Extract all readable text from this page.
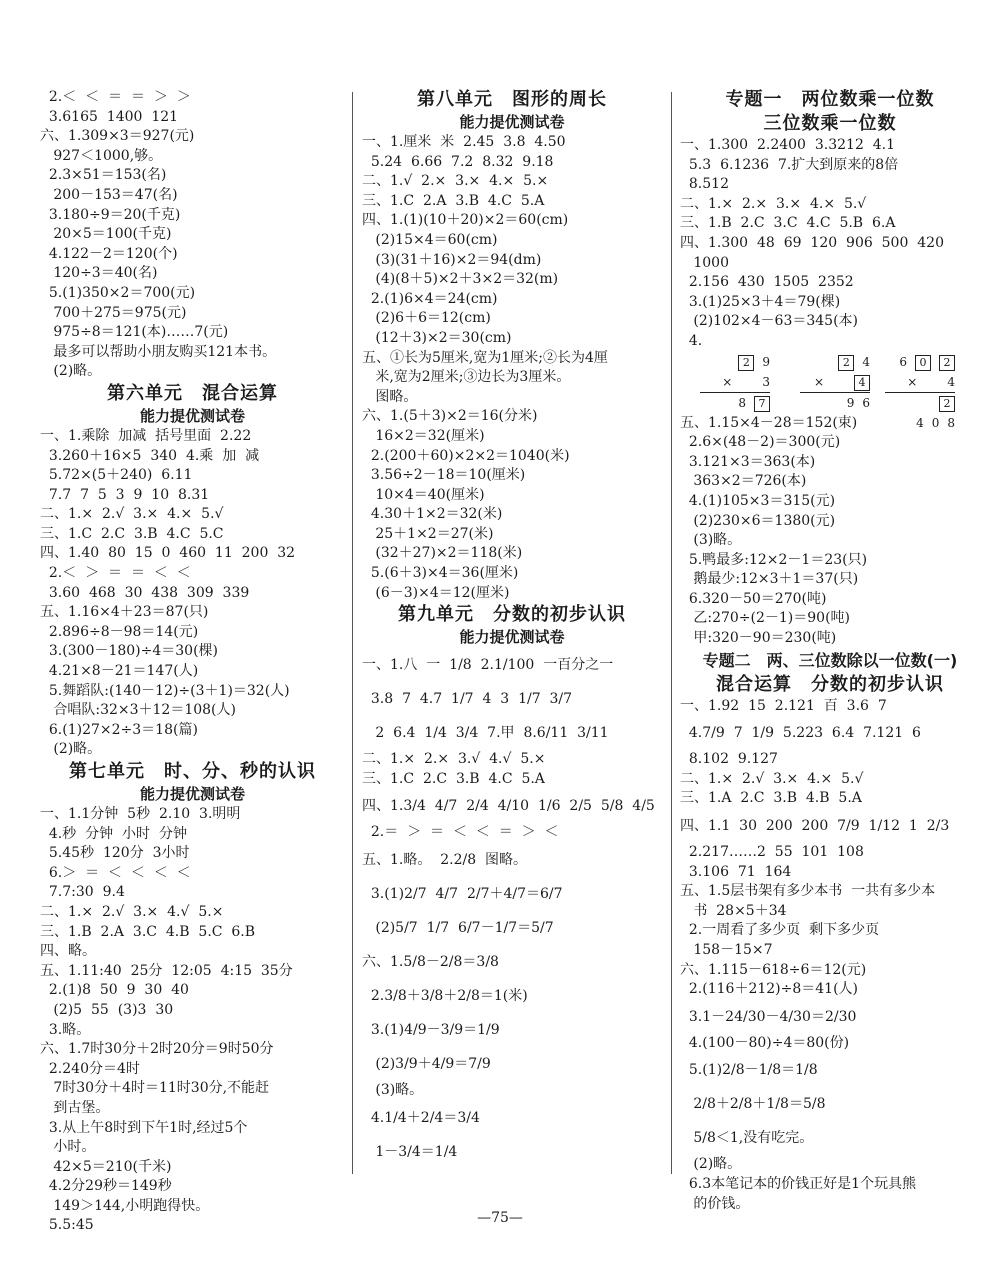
2.＜  ＜  ＝  ＝  ＞  ＞
3.6165  1400  121
六、1.309×3＝927(元)
927＜1000,够。
2.3×51＝153(名)
200－153＝47(名)
3.180÷9＝20(千克)
20×5＝100(千克)
4.122－2＝120(个)
120÷3＝40(名)
5.(1)350×2＝700(元)
700＋275＝975(元)
975÷8＝121(本)……7(元)
最多可以帮助小朋友购买121本书。
(2)略。
第六单元　混合运算
能力提优测试卷
一、1.乘除  加减  括号里面  2.22
3.260＋16×5  340  4.乘  加  减
5.72×(5＋240)  6.11
7.7  7  5  3  9  10  8.31
二、1.×  2.√  3.×  4.×  5.√
三、1.C  2.C  3.B  4.C  5.C
四、1.40  80  15  0  460  11  200  32
2.＜  ＞  ＝  ＝  ＜  ＜
3.60  468  30  438  309  339
五、1.16×4＋23＝87(只)
2.896÷8－98＝14(元)
3.(300－180)÷4＝30(棵)
4.21×8－21＝147(人)
5.舞蹈队:(140－12)÷(3＋1)＝32(人)
合唱队:32×3＋12＝108(人)
6.(1)27×2÷3＝18(篇)
(2)略。
第七单元　时、分、秒的认识
能力提优测试卷
一、1.1分钟  5秒  2.10  3.明明
4.秒  分钟  小时  分钟
5.45秒  120分  3小时
6.＞  ＝  ＜  ＜  ＜  ＜
7.7:30  9.4
二、1.×  2.√  3.×  4.√  5.×
三、1.B  2.A  3.C  4.B  5.C  6.B
四、略。
五、1.11:40  25分  12:05  4:15  35分
2.(1)8  50  9  30  40
(2)5  55  (3)3  30
3.略。
六、1.7时30分＋2时20分＝9时50分
2.240分＝4时
7时30分＋4时＝11时30分,不能赶
到古堡。
3.从上午8时到下午1时,经过5个
小时。
42×5＝210(千米)
4.2分29秒＝149秒
149＞144,小明跑得快。
5.5:45
第八单元　图形的周长
能力提优测试卷
一、1.厘米  米  2.45  3.8  4.50
5.24  6.66  7.2  8.32  9.18
二、1.√  2.×  3.×  4.×  5.×
三、1.C  2.A  3.B  4.C  5.A
四、1.(1)(10＋20)×2＝60(cm)
(2)15×4＝60(cm)
(3)(31＋16)×2＝94(dm)
(4)(8＋5)×2＋3×2＝32(m)
2.(1)6×4＝24(cm)
(2)6＋6＝12(cm)
(12＋3)×2＝30(cm)
五、①长为5厘米,宽为1厘米;②长为4厘
米,宽为2厘米;③边长为3厘米。
图略。
六、1.(5＋3)×2＝16(分米)
16×2＝32(厘米)
2.(200＋60)×2×2＝1040(米)
3.56÷2－18＝10(厘米)
10×4＝40(厘米)
4.30＋1×2＝32(米)
25＋1×2＝27(米)
(32＋27)×2＝118(米)
5.(6＋3)×4＝36(厘米)
(6－3)×4＝12(厘米)
第九单元　分数的初步认识
能力提优测试卷
一、1.八  一  1/8  2.1/100  一百分之一
3.8  7  4.7  1/7  4  3  1/7  3/7
2  6.4  1/4  3/4  7.甲  8.6/11  3/11
二、1.×  2.×  3.√  4.√  5.×
三、1.C  2.C  3.B  4.C  5.A
四、1.3/4  4/7  2/4  4/10  1/6  2/5  5/8  4/5
2.＝  ＞  ＝  ＜  ＜  ＝  ＞  ＜
五、1.略。  2.2/8  图略。
3.(1)2/7  4/7  2/7＋4/7＝6/7
(2)5/7  1/7  6/7－1/7＝5/7
六、1.5/8－2/8＝3/8
2.3/8＋3/8＋2/8＝1(米)
3.(1)4/9－3/9＝1/9
(2)3/9＋4/9＝7/9
(3)略。
4.1/4＋2/4＝3/4
1－3/4＝1/4
专题一　两位数乘一位数
三位数乘一位数
一、1.300  2.2400  3.3212  4.1
5.3  6.1236  7.扩大到原来的8倍
8.512
二、1.×  2.×  3.×  4.×  5.√
三、1.B  2.C  3.C  4.C  5.B  6.A
四、1.300  48  69  120  906  500  420
1000
2.156  430  1505  2352
3.(1)25×3＋4＝79(棵)
(2)102×4－63＝345(本)
4.
2 9
×	3
8 7
2 4
×	4
9 6
6 0 2
×	4
24 0 8
五、1.15×4－28＝152(束)
2.6×(48－2)＝300(元)
3.121×3＝363(本)
363×2＝726(本)
4.(1)105×3＝315(元)
(2)230×6＝1380(元)
(3)略。
5.鸭最多:12×2－1＝23(只)
鹅最少:12×3＋1＝37(只)
6.320－50＝270(吨)
乙:270÷(2－1)＝90(吨)
甲:320－90＝230(吨)
专题二　两、三位数除以一位数(一)
混合运算　分数的初步认识
一、1.92  15  2.121  百  3.6  7
4.7/9  7  1/9  5.223  6.4  7.121  6
8.102  9.127
二、1.×  2.√  3.×  4.×  5.√
三、1.A  2.C  3.B  4.B  5.A
四、1.1  30  200  200  7/9  1/12  1  2/3
2.217……2  55  101  108
3.106  71  164
五、1.5层书架有多少本书  一共有多少本
书  28×5＋34
2.一周看了多少页  剩下多少页
158－15×7
六、1.115－618÷6＝12(元)
2.(116＋212)÷8＝41(人)
3.1－24/30－4/30＝2/30
4.(100－80)÷4＝80(份)
5.(1)2/8－1/8＝1/8
2/8＋2/8＋1/8＝5/8
5/8＜1,没有吃完。
(2)略。
6.3本笔记本的价钱正好是1个玩具熊
的价钱。
—75—
